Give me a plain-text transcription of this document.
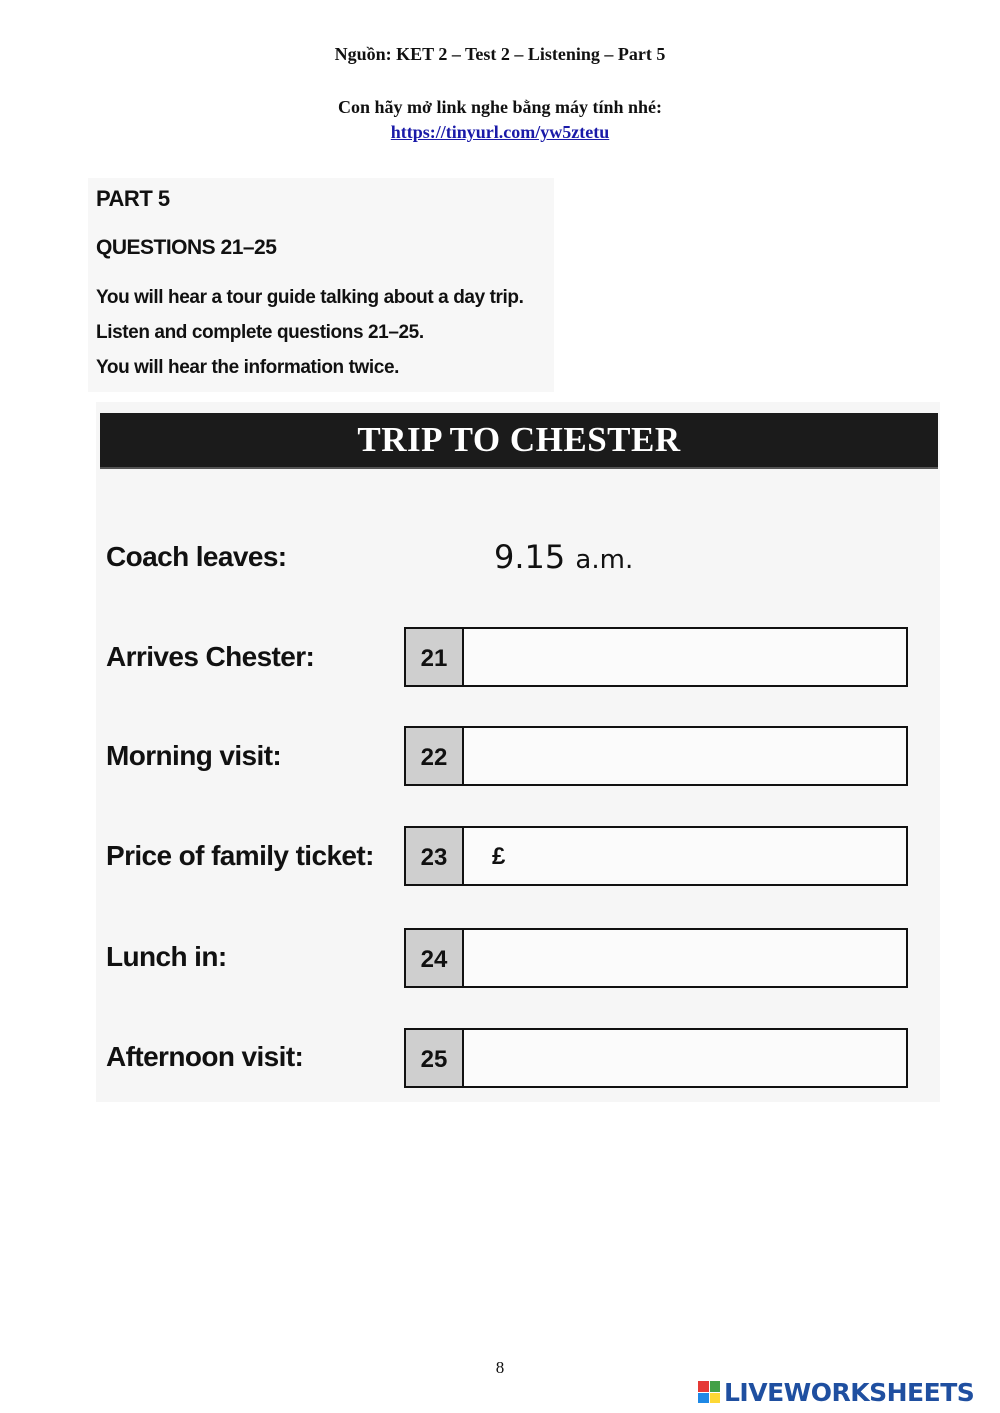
Nguồn: KET 2 – Test 2 – Listening – Part 5
Con hãy mở link nghe bằng máy tính nhé:
https://tinyurl.com/yw5ztetu
PART 5
QUESTIONS 21–25
You will hear a tour guide talking about a day trip.
Listen and complete questions 21–25.
You will hear the information twice.
TRIP TO CHESTER
Coach leaves:	9.15 a.m.
Arrives Chester:	21
Morning visit:	22
Price of family ticket:	23	£
Lunch in:	24
Afternoon visit:	25
8
LIVEWORKSHEETS
